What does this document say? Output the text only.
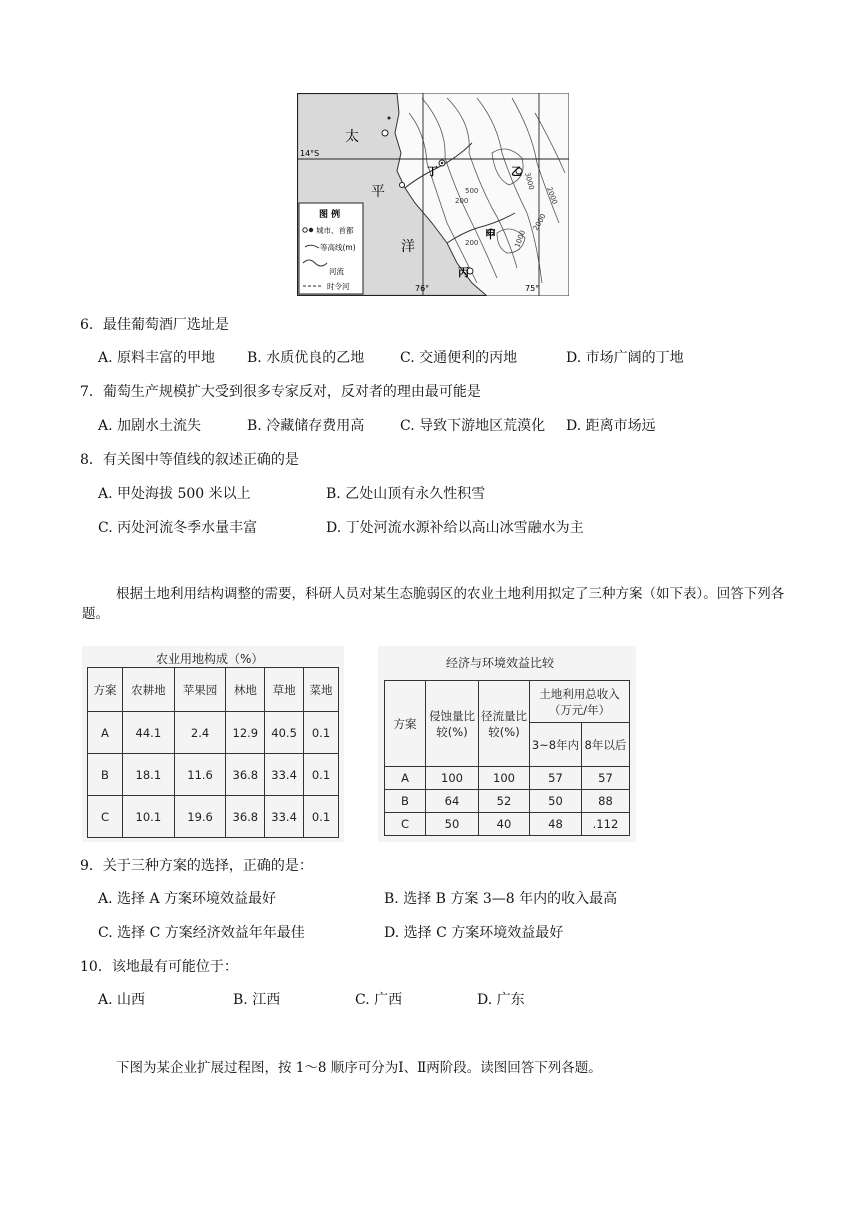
图 例
城市、首都
等高线(m)
河流
时令河
太
平
洋
14°S
76°	75°
丁	乙
甲
丙
200
500
1000
2000
2000
3000
200
6．最佳葡萄酒厂选址是
A. 原料丰富的甲地 B. 水质优良的乙地	C. 交通便利的丙地	D. 市场广阔的丁地
7．葡萄生产规模扩大受到很多专家反对，反对者的理由最可能是
A. 加剧水土流失	B. 冷藏储存费用高	C. 导致下游地区荒漠化 D. 距离市场远
8．有关图中等值线的叙述正确的是
A. 甲处海拔 500 米以上	B. 乙处山顶有永久性积雪
C. 丙处河流冬季水量丰富	D. 丁处河流水源补给以高山冰雪融水为主
根据土地利用结构调整的需要，科研人员对某生态脆弱区的农业土地利用拟定了三种方案（如下表）。回答下列各题。
农业用地构成（%）
方案	农耕地	苹果园	林地	草地	菜地
A	44.1	2.4	12.9	40.5	0.1
B	18.1	11.6	36.8	33.4	0.1
C	10.1	19.6	36.8	33.4	0.1
经济与环境效益比较
方案	侵蚀量比较(%)	径流量比较(%)	土地利用总收入（万元/年）	
			3~8年内	8年以后
A	100	100	57	57
B	64	52	50	88
C	50	40	48	.112
9．关于三种方案的选择，正确的是：
A. 选择 A 方案环境效益最好	B. 选择 B 方案 3—8 年内的收入最高
C. 选择 C 方案经济效益年年最佳	D. 选择 C 方案环境效益最好
10．该地最有可能位于：
A. 山西	B. 江西	C. 广西	D. 广东
下图为某企业扩展过程图，按 1～8 顺序可分为Ⅰ、Ⅱ两阶段。读图回答下列各题。
